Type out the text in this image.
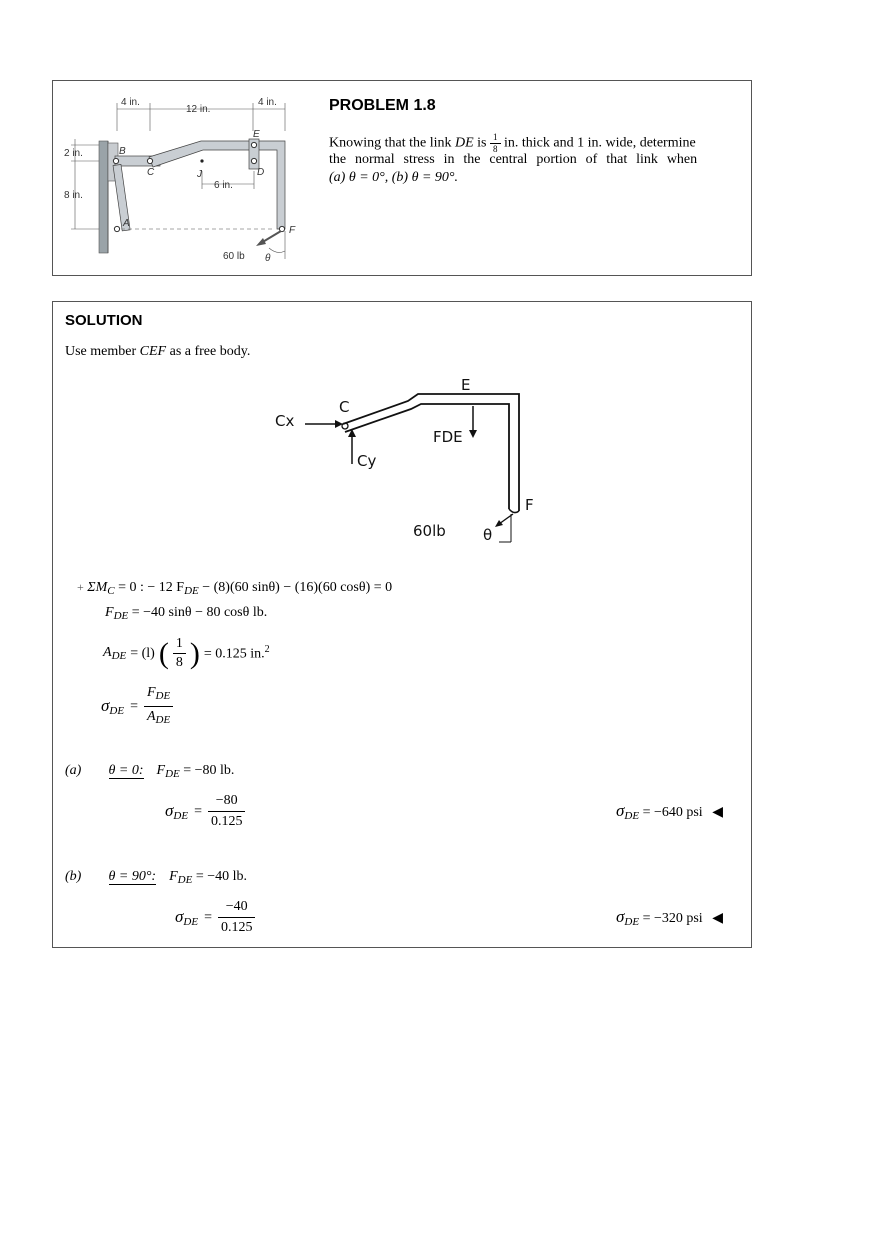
4 in.
12 in.
4 in.
2 in.
8 in.
6 in.
B
C	J	D
E
A
F
60 lb θ
PROBLEM 1.8
Knowing that the link DE is $\frac{1}{8}$ in. thick and 1 in. wide, determine
the normal stress in the central portion of that link when
(a) θ = 0°, (b) θ = 90°.
SOLUTION
Use member CEF as a free body.
Cx
C
Cy
E
FDE
F
60lb θ
+ $\Sigma M_C = 0$ : − 12 $F_{DE} - (8)(60$ sinθ) − (16)(60 cosθ) = 0
$F_{DE} = -40$ sinθ − 80 cosθ lb.
$A_{DE} = (l)$ ( $\frac{1}{8}$ ) = 0.125 in.$^2$
$\sigma_{DE} = \frac{F_{DE}}{A_{DE}}$
(a) θ = 0: $F_{DE} = -80$ lb.
$\sigma_{DE} = \frac{-80}{0.125}$	$\sigma_{DE} = -640$ psi ◀
(b) θ = 90°: $F_{DE} = -40$ lb.
$\sigma_{DE} = \frac{-40}{0.125}$	$\sigma_{DE} = -320$ psi ◀
